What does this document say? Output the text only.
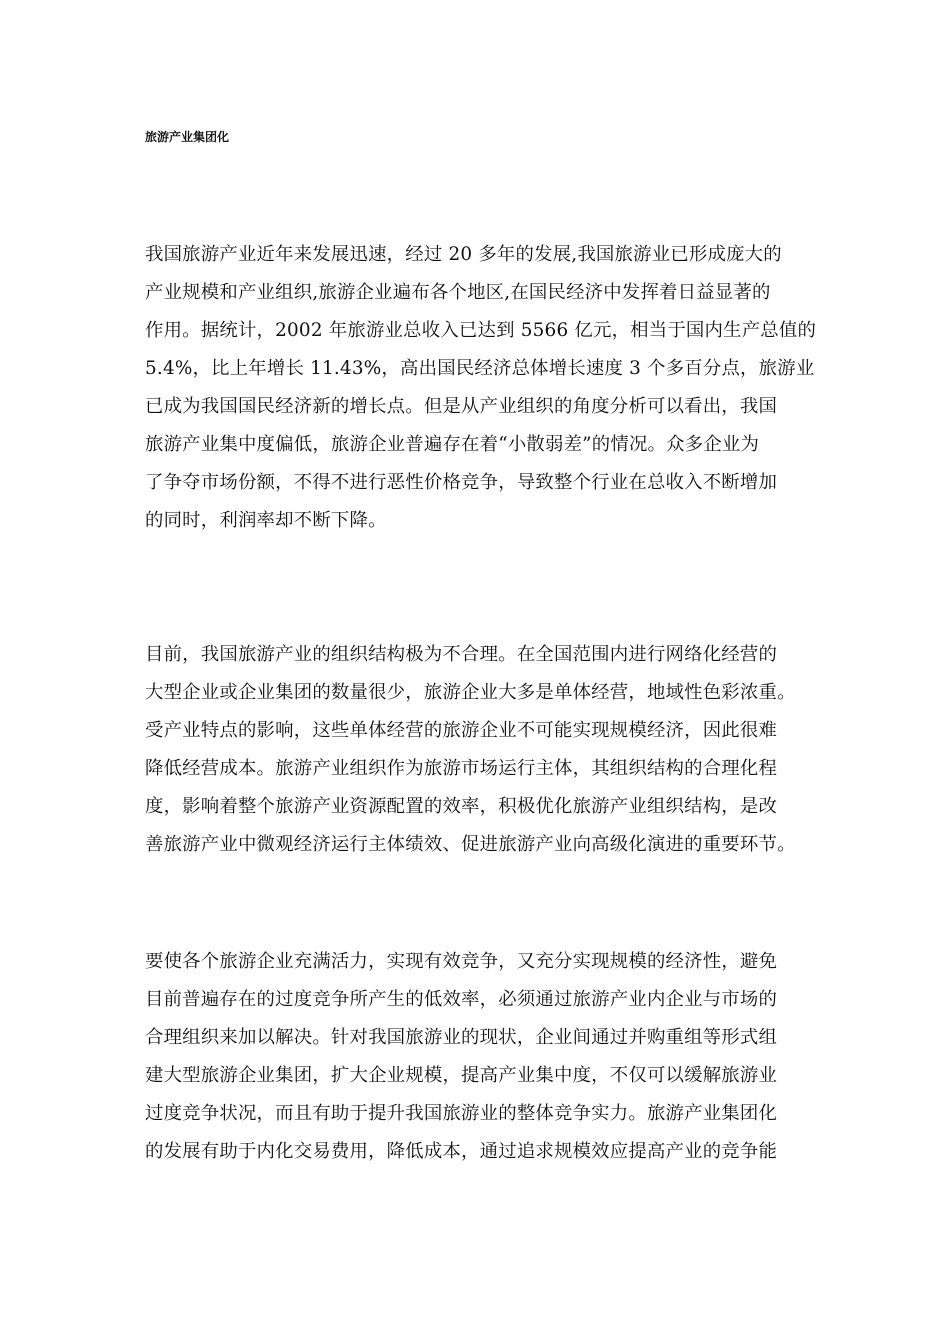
旅游产业集团化
我国旅游产业近年来发展迅速，经过 20 多年的发展,我国旅游业已形成庞大的
产业规模和产业组织,旅游企业遍布各个地区,在国民经济中发挥着日益显著的
作用。据统计，2002 年旅游业总收入已达到 5566 亿元，相当于国内生产总值的
5.4%，比上年增长 11.43%，高出国民经济总体增长速度 3 个多百分点，旅游业
已成为我国国民经济新的增长点。但是从产业组织的角度分析可以看出，我国
旅游产业集中度偏低，旅游企业普遍存在着“小散弱差”的情况。众多企业为
了争夺市场份额，不得不进行恶性价格竞争，导致整个行业在总收入不断增加
的同时，利润率却不断下降。
目前，我国旅游产业的组织结构极为不合理。在全国范围内进行网络化经营的
大型企业或企业集团的数量很少，旅游企业大多是单体经营，地域性色彩浓重。
受产业特点的影响，这些单体经营的旅游企业不可能实现规模经济，因此很难
降低经营成本。旅游产业组织作为旅游市场运行主体，其组织结构的合理化程
度，影响着整个旅游产业资源配置的效率，积极优化旅游产业组织结构，是改
善旅游产业中微观经济运行主体绩效、促进旅游产业向高级化演进的重要环节。
要使各个旅游企业充满活力，实现有效竞争，又充分实现规模的经济性，避免
目前普遍存在的过度竞争所产生的低效率，必须通过旅游产业内企业与市场的
合理组织来加以解决。针对我国旅游业的现状，企业间通过并购重组等形式组
建大型旅游企业集团，扩大企业规模，提高产业集中度，不仅可以缓解旅游业
过度竞争状况，而且有助于提升我国旅游业的整体竞争实力。旅游产业集团化
的发展有助于内化交易费用，降低成本，通过追求规模效应提高产业的竞争能
